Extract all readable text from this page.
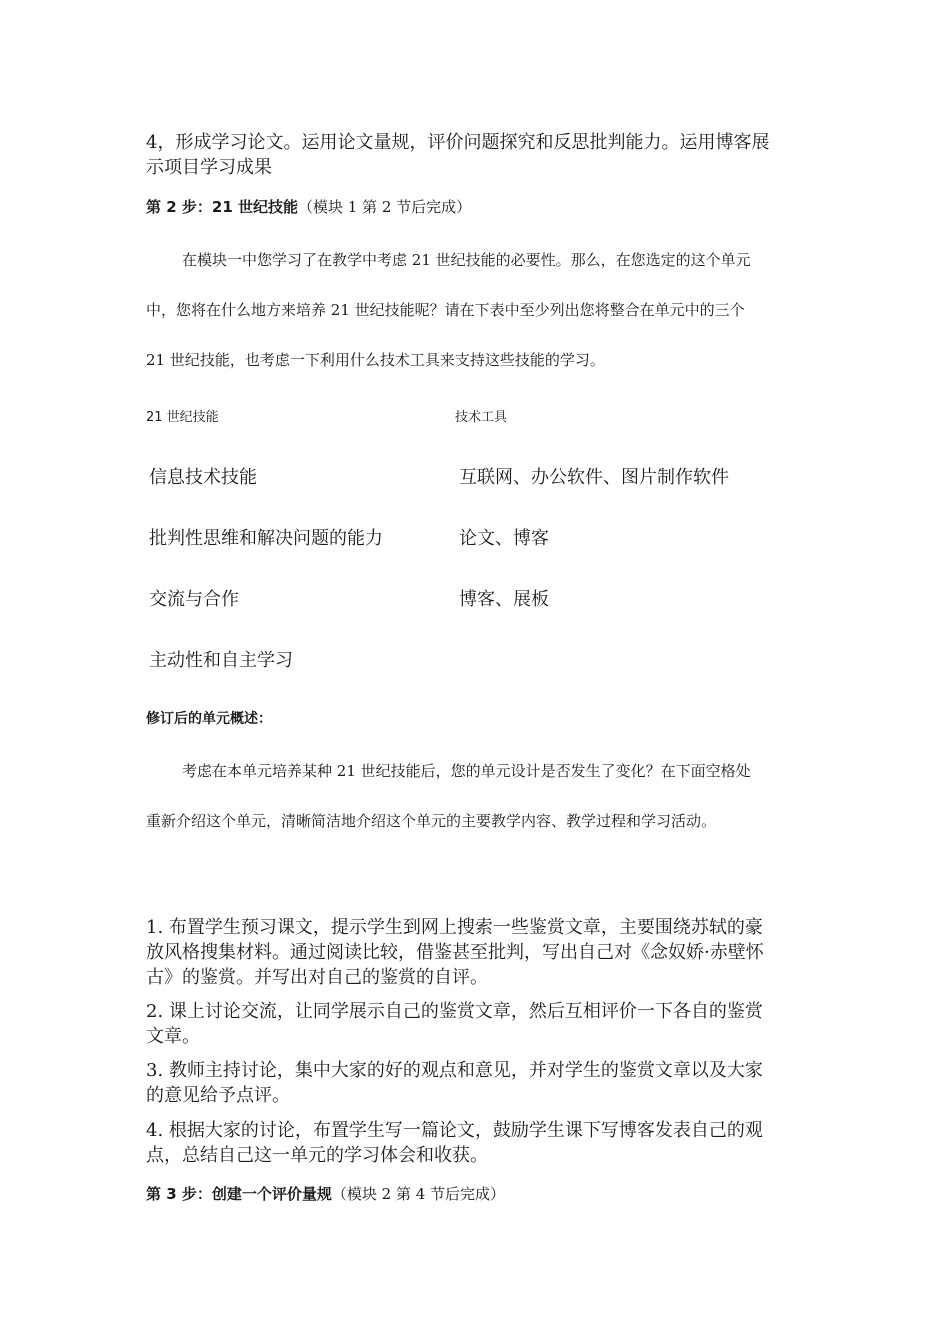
4，形成学习论文。运用论文量规，评价问题探究和反思批判能力。运用博客展

示项目学习成果

第 2 步：21 世纪技能（模块 1 第 2 节后完成）

在模块一中您学习了在教学中考虑 21 世纪技能的必要性。那么，在您选定的这个单元

中，您将在什么地方来培养 21 世纪技能呢？请在下表中至少列出您将整合在单元中的三个

21 世纪技能，也考虑一下利用什么技术工具来支持这些技能的学习。

21 世纪技能	技术工具

信息技术技能	互联网、办公软件、图片制作软件

批判性思维和解决问题的能力	论文、博客

交流与合作	博客、展板

主动性和自主学习

修订后的单元概述：

考虑在本单元培养某种 21 世纪技能后，您的单元设计是否发生了变化？在下面空格处

重新介绍这个单元，清晰简洁地介绍这个单元的主要教学内容、教学过程和学习活动。

1. 布置学生预习课文，提示学生到网上搜索一些鉴赏文章，主要围绕苏轼的豪

放风格搜集材料。通过阅读比较，借鉴甚至批判，写出自己对《念奴娇·赤壁怀

古》的鉴赏。并写出对自己的鉴赏的自评。

2. 课上讨论交流，让同学展示自己的鉴赏文章，然后互相评价一下各自的鉴赏

文章。

3. 教师主持讨论，集中大家的好的观点和意见，并对学生的鉴赏文章以及大家

的意见给予点评。

4. 根据大家的讨论，布置学生写一篇论文，鼓励学生课下写博客发表自己的观

点，总结自己这一单元的学习体会和收获。

第 3 步：创建一个评价量规（模块 2 第 4 节后完成）
